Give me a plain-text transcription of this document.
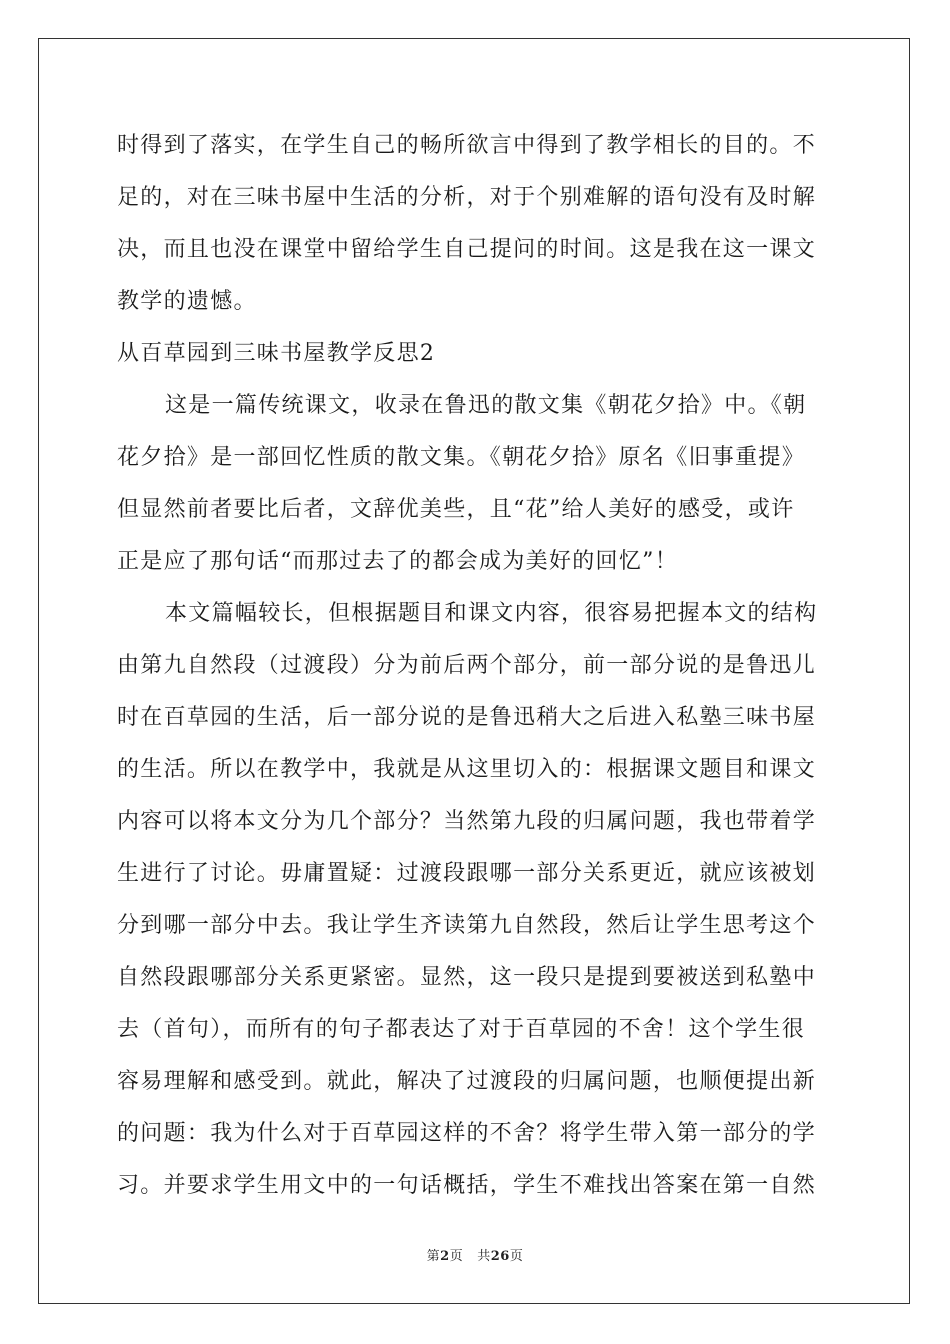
时得到了落实，在学生自己的畅所欲言中得到了教学相长的目的。不
足的，对在三味书屋中生活的分析，对于个别难解的语句没有及时解
决，而且也没在课堂中留给学生自己提问的时间。这是我在这一课文
教学的遗憾。
从百草园到三味书屋教学反思2
这是一篇传统课文，收录在鲁迅的散文集《朝花夕拾》中。《朝
花夕拾》是一部回忆性质的散文集。《朝花夕拾》原名《旧事重提》
但显然前者要比后者，文辞优美些，且“花”给人美好的感受，或许
正是应了那句话“而那过去了的都会成为美好的回忆”！
本文篇幅较长，但根据题目和课文内容，很容易把握本文的结构
由第九自然段（过渡段）分为前后两个部分，前一部分说的是鲁迅儿
时在百草园的生活，后一部分说的是鲁迅稍大之后进入私塾三味书屋
的生活。所以在教学中，我就是从这里切入的：根据课文题目和课文
内容可以将本文分为几个部分？当然第九段的归属问题，我也带着学
生进行了讨论。毋庸置疑：过渡段跟哪一部分关系更近，就应该被划
分到哪一部分中去。我让学生齐读第九自然段，然后让学生思考这个
自然段跟哪部分关系更紧密。显然，这一段只是提到要被送到私塾中
去（首句），而所有的句子都表达了对于百草园的不舍！这个学生很
容易理解和感受到。就此，解决了过渡段的归属问题，也顺便提出新
的问题：我为什么对于百草园这样的不舍？将学生带入第一部分的学
习。并要求学生用文中的一句话概括，学生不难找出答案在第一自然
第2页 共26页
